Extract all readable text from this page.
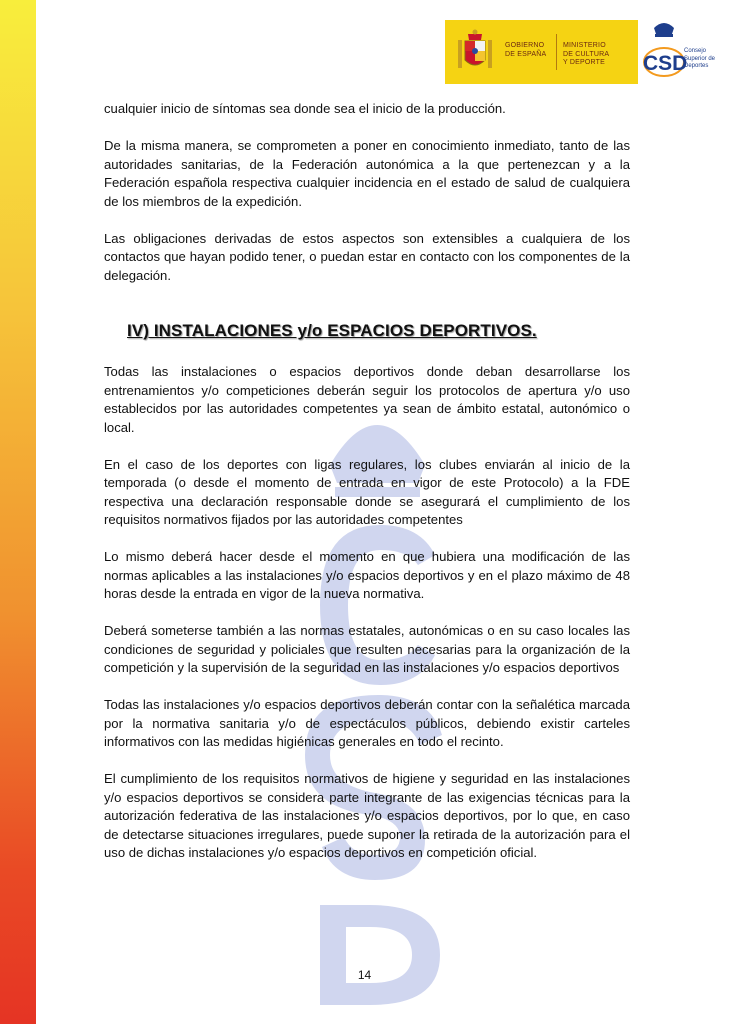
GOBIERNO
DE ESPAÑA
MINISTERIO
DE CULTURA
Y DEPORTE CSD
Consejo
Superior de
Deportes

cualquier inicio de síntomas sea donde sea el inicio de la producción.

De la misma manera, se comprometen a poner en conocimiento inmediato, tanto de las autoridades sanitarias, de la Federación autonómica a la que pertenezcan y a la Federación española respectiva cualquier incidencia en el estado de salud de cualquiera de los miembros de la expedición.

Las obligaciones derivadas de estos aspectos son extensibles a cualquiera de los contactos que hayan podido tener, o puedan estar en contacto con los componentes de la delegación.

IV) INSTALACIONES y/o ESPACIOS DEPORTIVOS.

Todas las instalaciones o espacios deportivos donde deban desarrollarse los entrenamientos y/o competiciones deberán seguir los protocolos de apertura y/o uso establecidos por las autoridades competentes ya sean de ámbito estatal, autonómico o local.

En el caso de los deportes con ligas regulares, los clubes enviarán al inicio de la temporada (o desde el momento de entrada en vigor de este Protocolo) a la FDE respectiva una declaración responsable donde se asegurará el cumplimiento de los requisitos normativos fijados por las autoridades competentes

Lo mismo deberá hacer desde el momento en que hubiera una modificación de las normas aplicables a las instalaciones y/o espacios deportivos y en el plazo máximo de 48 horas desde la entrada en vigor de la nueva normativa.

Deberá someterse también a las normas estatales, autonómicas o en su caso locales las condiciones de seguridad y policiales que resulten necesarias para la organización de la competición y la supervisión de la seguridad en las instalaciones y/o espacios deportivos

Todas las instalaciones y/o espacios deportivos deberán contar con la señalética marcada por la normativa sanitaria y/o de espectáculos públicos, debiendo existir carteles informativos con las medidas higiénicas generales en todo el recinto.

El cumplimiento de los requisitos normativos de higiene y seguridad en las instalaciones y/o espacios deportivos se considera parte integrante de las exigencias técnicas para la autorización federativa de las instalaciones y/o espacios deportivos, por lo que, en caso de detectarse situaciones irregulares, puede suponer la retirada de la autorización para el uso de dichas instalaciones y/o espacios deportivos en competición oficial.

14
